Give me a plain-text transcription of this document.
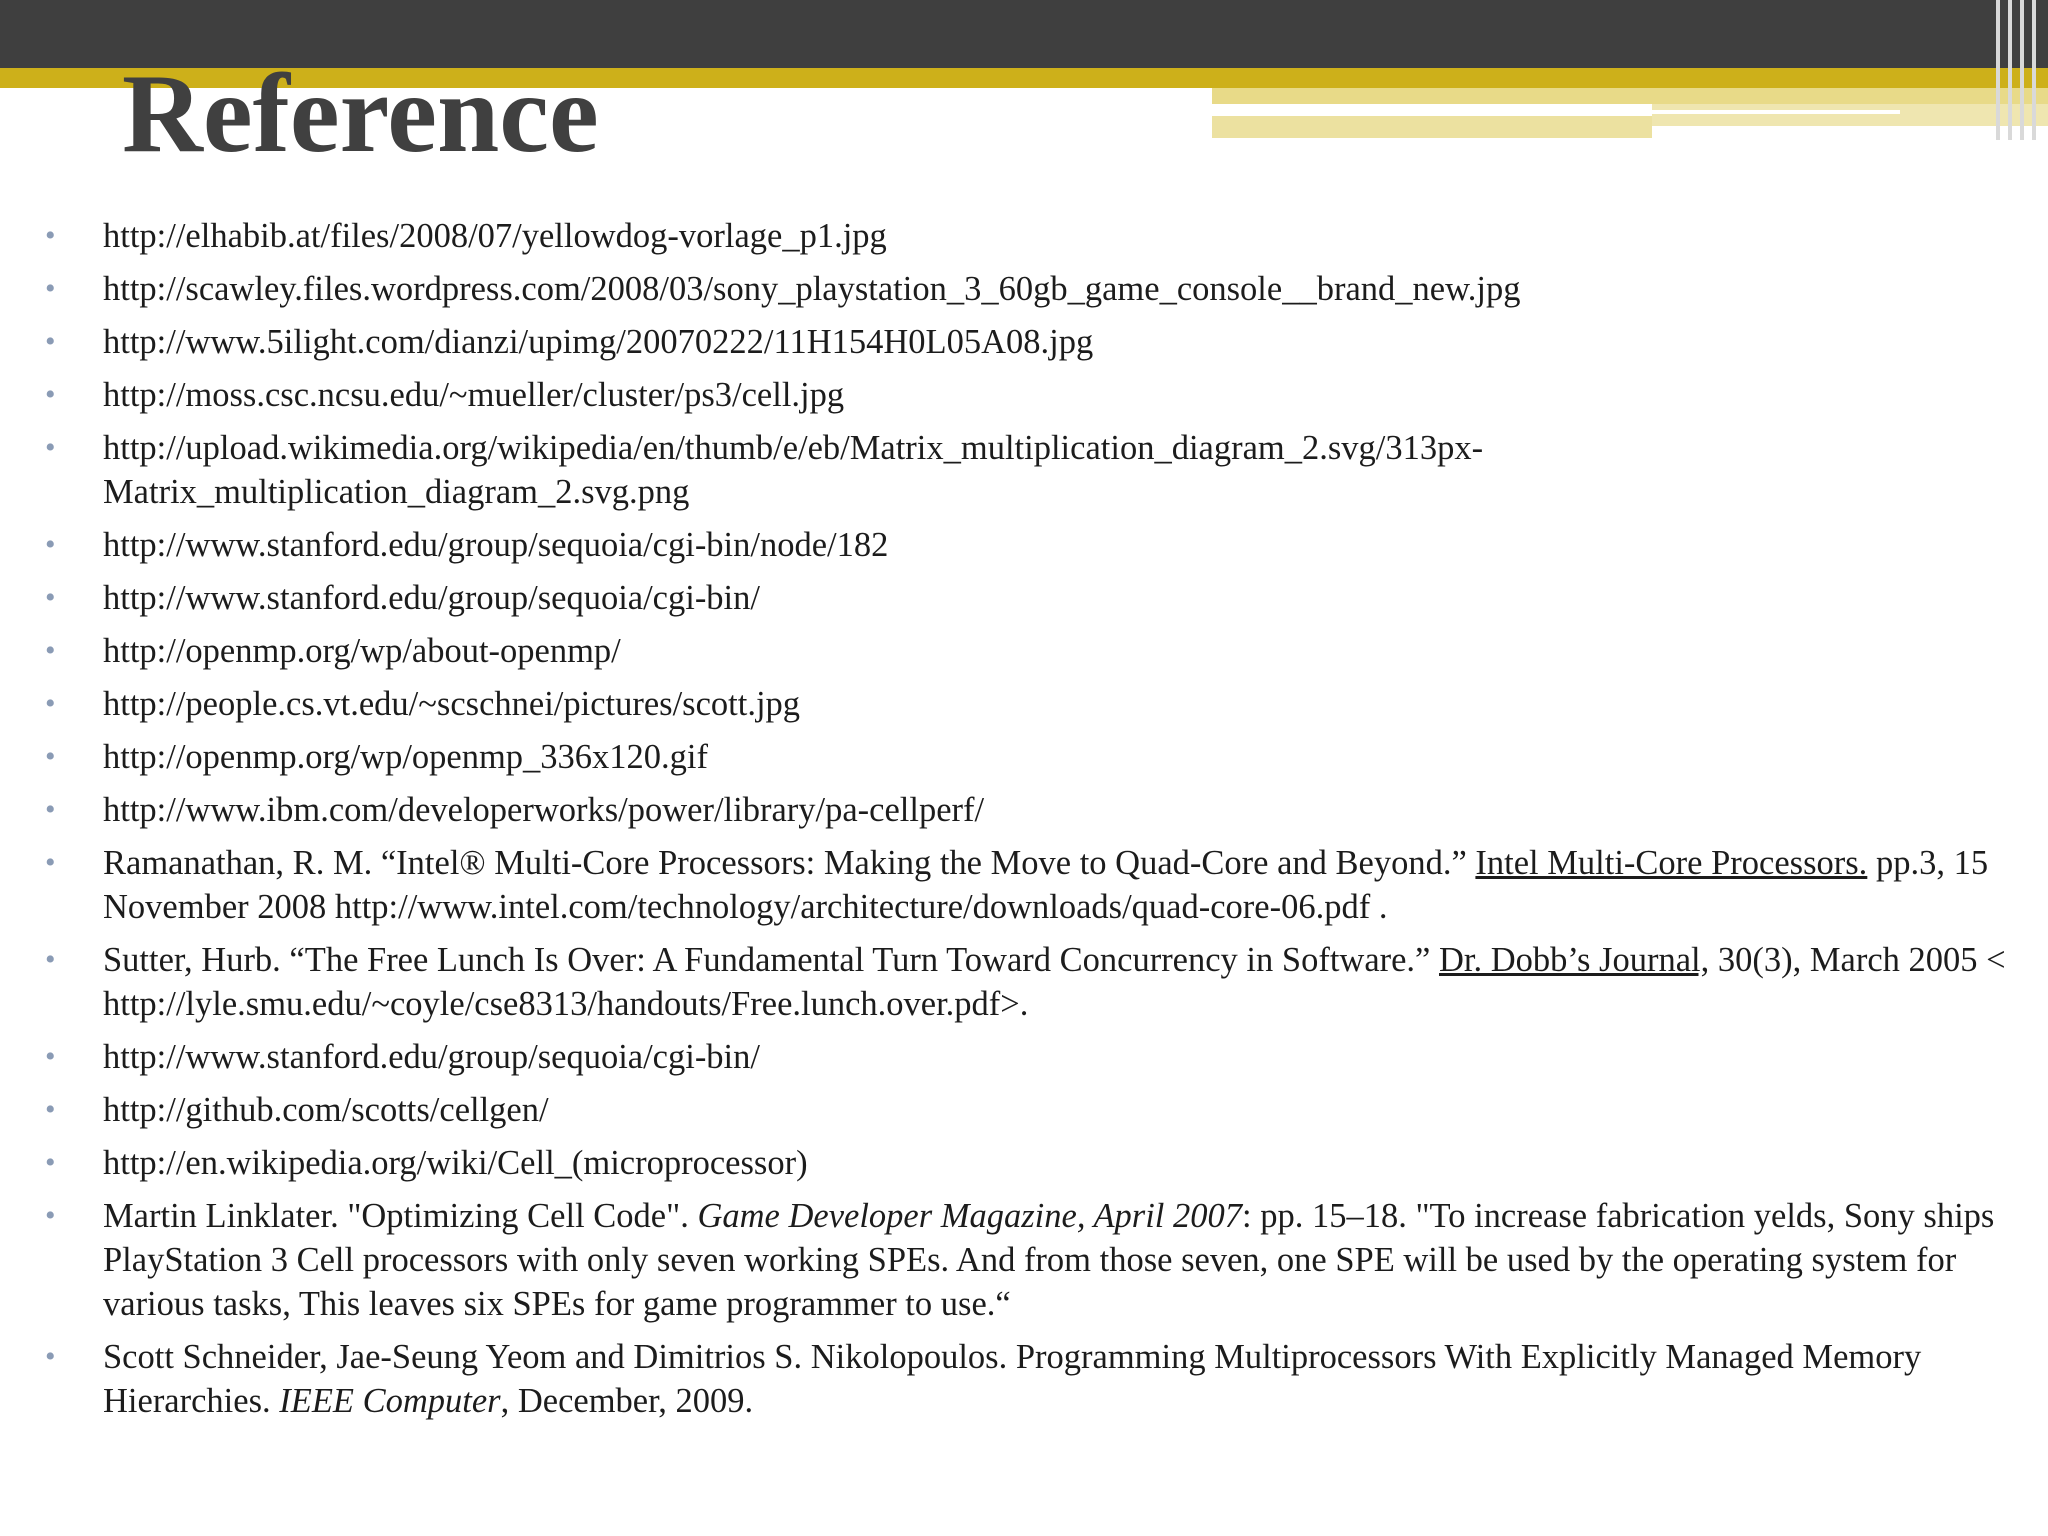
Reference
• http://elhabib.at/files/2008/07/yellowdog-vorlage_p1.jpg
• http://scawley.files.wordpress.com/2008/03/sony_playstation_3_60gb_game_console__brand_new.jpg
• http://www.5ilight.com/dianzi/upimg/20070222/11H154H0L05A08.jpg
• http://moss.csc.ncsu.edu/~mueller/cluster/ps3/cell.jpg
• http://upload.wikimedia.org/wikipedia/en/thumb/e/eb/Matrix_multiplication_diagram_2.svg/313px-Matrix_multiplication_diagram_2.svg.png
• http://www.stanford.edu/group/sequoia/cgi-bin/node/182
• http://www.stanford.edu/group/sequoia/cgi-bin/
• http://openmp.org/wp/about-openmp/
• http://people.cs.vt.edu/~scschnei/pictures/scott.jpg
• http://openmp.org/wp/openmp_336x120.gif
• http://www.ibm.com/developerworks/power/library/pa-cellperf/
• Ramanathan, R. M. “Intel® Multi-Core Processors: Making the Move to Quad-Core and Beyond.” Intel Multi-Core Processors. pp.3, 15 November 2008 http://www.intel.com/technology/architecture/downloads/quad-core-06.pdf .
• Sutter, Hurb. “The Free Lunch Is Over: A Fundamental Turn Toward Concurrency in Software.” Dr. Dobb’s Journal, 30(3), March 2005 < http://lyle.smu.edu/~coyle/cse8313/handouts/Free.lunch.over.pdf>.
• http://www.stanford.edu/group/sequoia/cgi-bin/
• http://github.com/scotts/cellgen/
• http://en.wikipedia.org/wiki/Cell_(microprocessor)
• Martin Linklater. "Optimizing Cell Code". Game Developer Magazine, April 2007: pp. 15–18. "To increase fabrication yelds, Sony ships PlayStation 3 Cell processors with only seven working SPEs. And from those seven, one SPE will be used by the operating system for various tasks, This leaves six SPEs for game programmer to use.“
• Scott Schneider, Jae-Seung Yeom and Dimitrios S. Nikolopoulos. Programming Multiprocessors With Explicitly Managed Memory Hierarchies. IEEE Computer, December, 2009.
